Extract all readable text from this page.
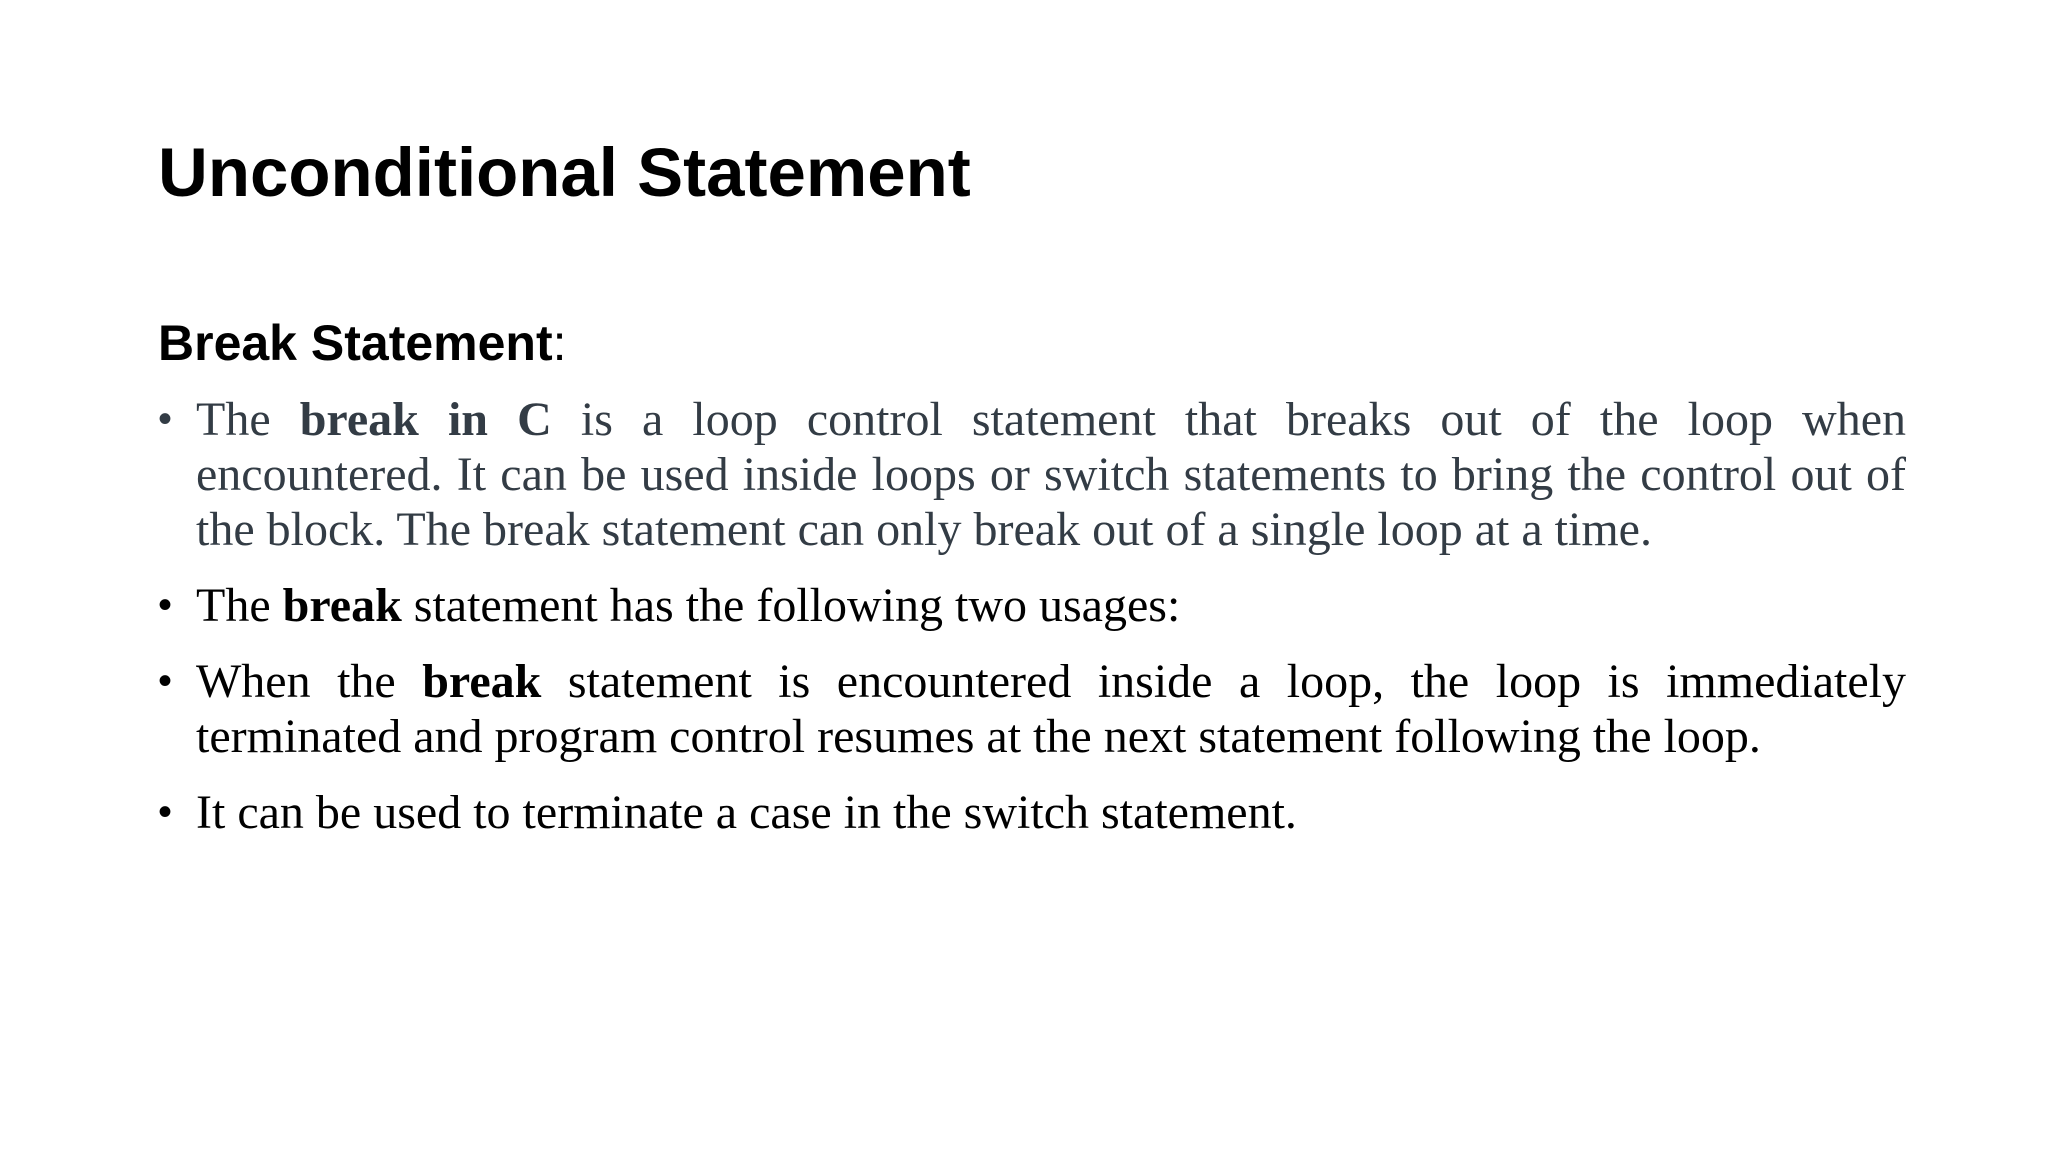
Unconditional Statement

Break Statement:

• The break in C is a loop control statement that breaks out of the loop when encountered. It can be used inside loops or switch statements to bring the control out of the block. The break statement can only break out of a single loop at a time.
• The break statement has the following two usages:
• When the break statement is encountered inside a loop, the loop is immediately terminated and program control resumes at the next statement following the loop.
• It can be used to terminate a case in the switch statement.
